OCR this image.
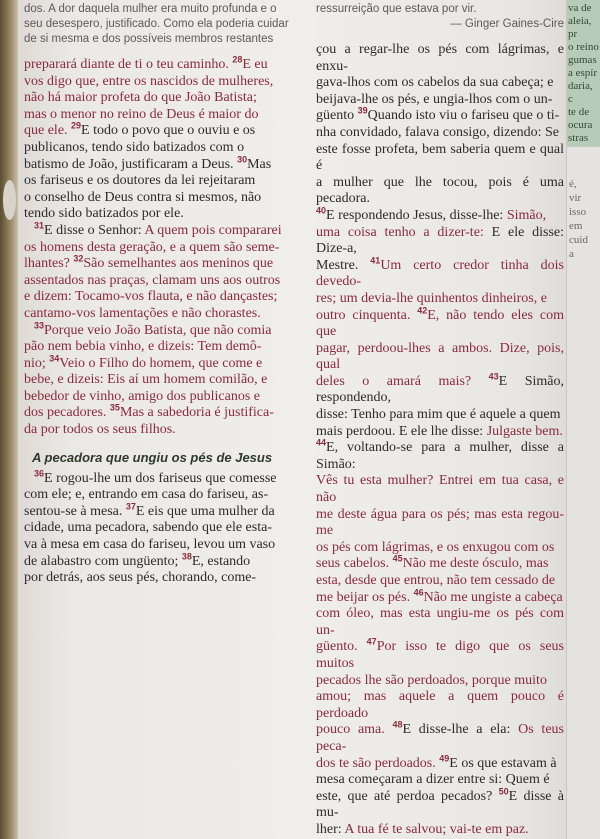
dos. A dor daquela mulher era muito profunda e o
seu desespero, justificado. Como ela poderia cuidar
de si mesma e dos possíveis membros restantes
preparará diante de ti o teu caminho. $^{28}$E eu
vos digo que, entre os nascidos de mulheres,
não há maior profeta do que João Batista;
mas o menor no reino de Deus é maior do
que ele. $^{29}$E todo o povo que o ouviu e os
publicanos, tendo sido batizados com o
batismo de João, justificaram a Deus. $^{30}$Mas
os fariseus e os doutores da lei rejeitaram
o conselho de Deus contra si mesmos, não
tendo sido batizados por ele.
$^{31}$E disse o Senhor: A quem pois compararei
os homens desta geração, e a quem são seme-
lhantes? $^{32}$São semelhantes aos meninos que
assentados nas praças, clamam uns aos outros
e dizem: Tocamo-vos flauta, e não dançastes;
cantamo-vos lamentações e não chorastes.
$^{33}$Porque veio João Batista, que não comia
pão nem bebia vinho, e dizeis: Tem demô-
nio; $^{34}$Veio o Filho do homem, que come e
bebe, e dizeis: Eis aí um homem comilão, e
bebedor de vinho, amigo dos publicanos e
dos pecadores. $^{35}$Mas a sabedoria é justifica-
da por todos os seus filhos.
A pecadora que ungiu os pés de Jesus
$^{36}$E rogou-lhe um dos fariseus que comesse
com ele; e, entrando em casa do fariseu, as-
sentou-se à mesa. $^{37}$E eis que uma mulher da
cidade, uma pecadora, sabendo que ele esta-
va à mesa em casa do fariseu, levou um vaso
de alabastro com ungüento; $^{38}$E, estando
por detrás, aos seus pés, chorando, come-
ressurreição que estava por vir.
— Ginger Gaines-Cire
çou a regar-lhe os pés com lágrimas, e enxu-
gava-lhos com os cabelos da sua cabeça; e
beijava-lhe os pés, e ungia-lhos com o un-
güento $^{39}$Quando isto viu o fariseu que o ti-
nha convidado, falava consigo, dizendo: Se
este fosse profeta, bem saberia quem e qual é
a mulher que lhe tocou, pois é uma pecadora.
$^{40}$E respondendo Jesus, disse-lhe: Simão,
uma coisa tenho a dizer-te: E ele disse: Dize-a,
Mestre. $^{41}$Um certo credor tinha dois devedo-
res; um devia-lhe quinhentos dinheiros, e
outro cinquenta. $^{42}$E, não tendo eles com que
pagar, perdoou-lhes a ambos. Dize, pois, qual
deles o amará mais? $^{43}$E Simão, respondendo,
disse: Tenho para mim que é aquele a quem
mais perdoou. E ele lhe disse: Julgaste bem.
$^{44}$E, voltando-se para a mulher, disse a Simão:
Vês tu esta mulher? Entrei em tua casa, e não
me deste água para os pés; mas esta regou-me
os pés com lágrimas, e os enxugou com os
seus cabelos. $^{45}$Não me deste ósculo, mas
esta, desde que entrou, não tem cessado de
me beijar os pés. $^{46}$Não me ungiste a cabeça
com óleo, mas esta ungiu-me os pés com un-
güento. $^{47}$Por isso te digo que os seus muitos
pecados lhe são perdoados, porque muito
amou; mas aquele a quem pouco é perdoado
pouco ama. $^{48}$E disse-lhe a ela: Os teus peca-
dos te são perdoados. $^{49}$E os que estavam à
mesa começaram a dizer entre si: Quem é
este, que até perdoa pecados? $^{50}$E disse à mu-
lher: A tua fé te salvou; vai-te em paz.
va de
aleia, pr
o reino
gumas
a espír
daria, c
te de
ocura
stras
é,
vir
isso
em
cuid
a
